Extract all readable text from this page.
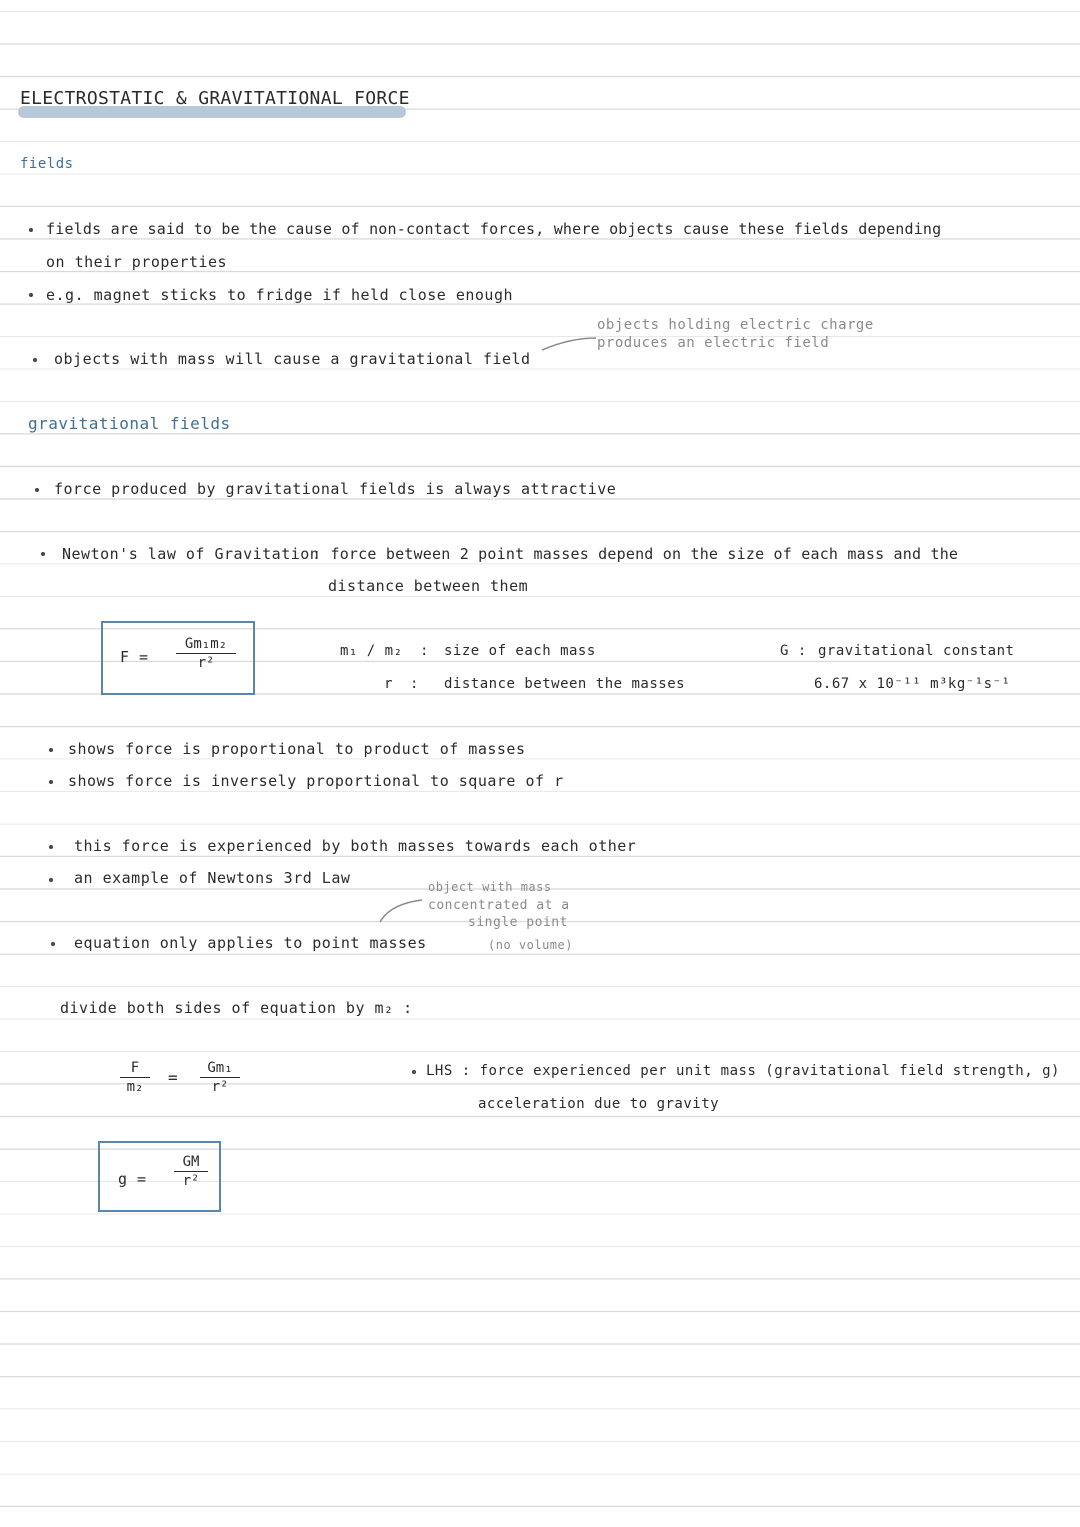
ELECTROSTATIC & GRAVITATIONAL FORCE
fields
fields are said to be the cause of non-contact forces, where objects cause these fields depending
on their properties
e.g. magnet sticks to fridge if held close enough
objects holding electric charge
produces an electric field
objects with mass will cause a gravitational field
gravitational fields
force produced by gravitational fields is always attractive
Newton's law of Gravitation
: force between 2 point masses depend on the size of each mass and the
distance between them
F =
Gm₁m₂
r²
m₁ / m₂ : size of each mass
r : distance between the masses
G : gravitational constant
6.67 x 10⁻¹¹ m³kg⁻¹s⁻¹
shows force is proportional to product of masses
shows force is inversely proportional to square of r
this force is experienced by both masses towards each other
an example of Newtons 3rd Law	object with mass
concentrated at a
single point
(no volume)
equation only applies to point masses
divide both sides of equation by m₂ :
F
m₂	=	Gm₁
r²
LHS : force experienced per unit mass (gravitational field strength, g)
acceleration due to gravity
g =
GM
r²
